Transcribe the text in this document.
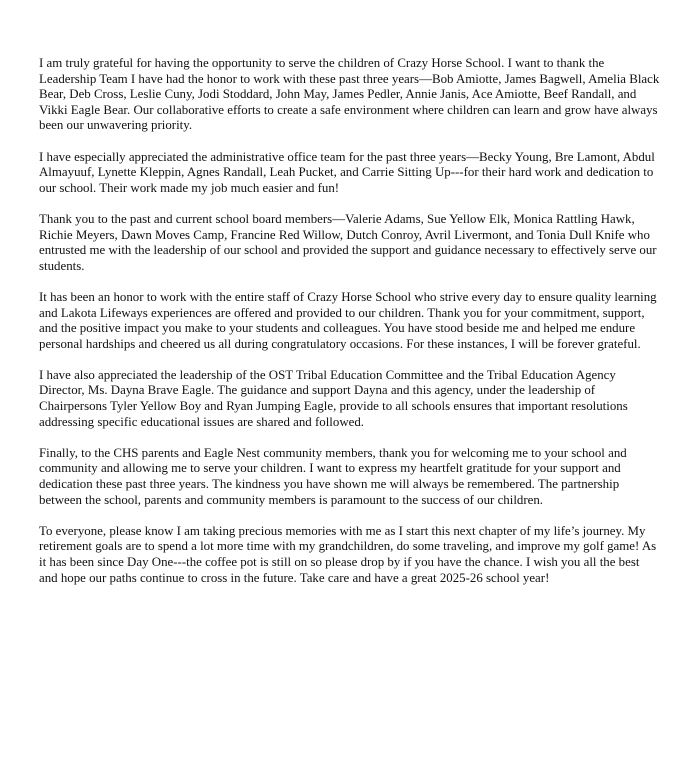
I am truly grateful for having the opportunity to serve the children of Crazy Horse School. I want to thank the Leadership Team I have had the honor to work with these past three years—Bob Amiotte, James Bagwell, Amelia Black Bear, Deb Cross, Leslie Cuny, Jodi Stoddard, John May, James Pedler, Annie Janis, Ace Amiotte, Beef Randall, and Vikki Eagle Bear. Our collaborative efforts to create a safe environment where children can learn and grow have always been our unwavering priority.

I have especially appreciated the administrative office team for the past three years—Becky Young, Bre Lamont, Abdul Almayuuf, Lynette Kleppin, Agnes Randall, Leah Pucket, and Carrie Sitting Up---for their hard work and dedication to our school. Their work made my job much easier and fun!

Thank you to the past and current school board members—Valerie Adams, Sue Yellow Elk, Monica Rattling Hawk, Richie Meyers, Dawn Moves Camp, Francine Red Willow, Dutch Conroy, Avril Livermont, and Tonia Dull Knife who entrusted me with the leadership of our school and provided the support and guidance necessary to effectively serve our students.

It has been an honor to work with the entire staff of Crazy Horse School who strive every day to ensure quality learning and Lakota Lifeways experiences are offered and provided to our children. Thank you for your commitment, support, and the positive impact you make to your students and colleagues. You have stood beside me and helped me endure personal hardships and cheered us all during congratulatory occasions. For these instances, I will be forever grateful.

I have also appreciated the leadership of the OST Tribal Education Committee and the Tribal Education Agency Director, Ms. Dayna Brave Eagle. The guidance and support Dayna and this agency, under the leadership of Chairpersons Tyler Yellow Boy and Ryan Jumping Eagle, provide to all schools ensures that important resolutions addressing specific educational issues are shared and followed.

Finally, to the CHS parents and Eagle Nest community members, thank you for welcoming me to your school and community and allowing me to serve your children. I want to express my heartfelt gratitude for your support and dedication these past three years. The kindness you have shown me will always be remembered. The partnership between the school, parents and community members is paramount to the success of our children.

To everyone, please know I am taking precious memories with me as I start this next chapter of my life’s journey. My retirement goals are to spend a lot more time with my grandchildren, do some traveling, and improve my golf game! As it has been since Day One---the coffee pot is still on so please drop by if you have the chance. I wish you all the best and hope our paths continue to cross in the future. Take care and have a great 2025-26 school year!
